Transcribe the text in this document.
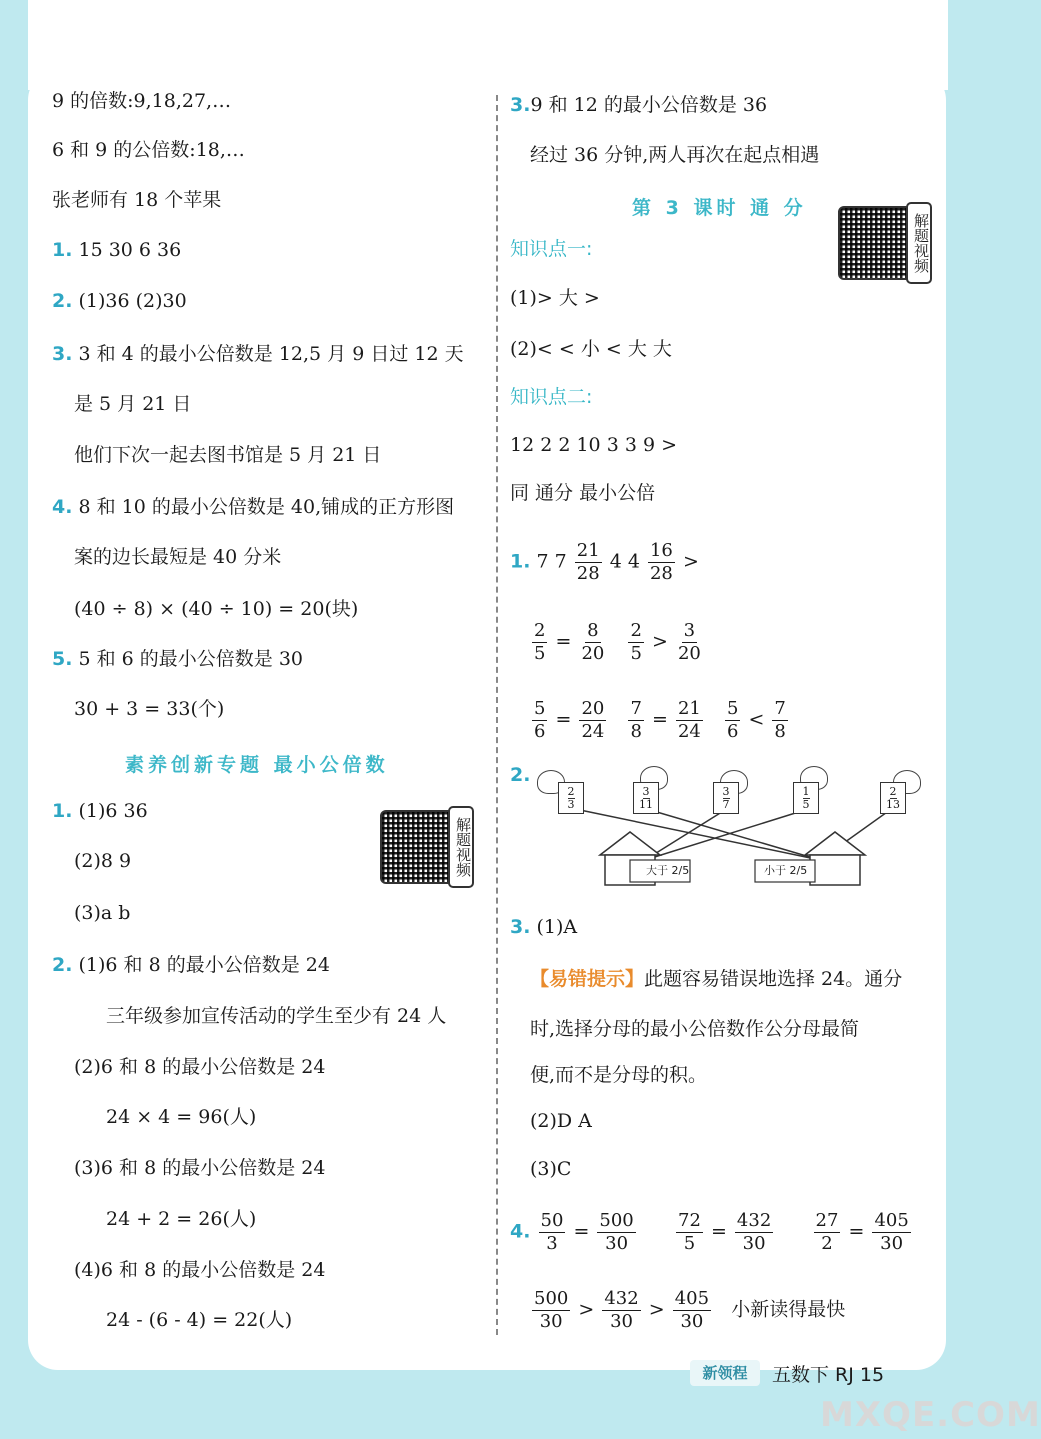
9 的倍数:9,18,27,…
6 和 9 的公倍数:18,…
张老师有 18 个苹果
1. 15 30 6 36
2. (1)36 (2)30
3. 3 和 4 的最小公倍数是 12,5 月 9 日过 12 天
是 5 月 21 日
他们下次一起去图书馆是 5 月 21 日
4. 8 和 10 的最小公倍数是 40,铺成的正方形图
案的边长最短是 40 分米
(40 ÷ 8) × (40 ÷ 10) = 20(块)
5. 5 和 6 的最小公倍数是 30
30 + 3 = 33(个)
素养创新专题 最小公倍数
1. (1)6 36
(2)8 9
(3)a b
解题视频
2. (1)6 和 8 的最小公倍数是 24
三年级参加宣传活动的学生至少有 24 人
(2)6 和 8 的最小公倍数是 24
24 × 4 = 96(人)
(3)6 和 8 的最小公倍数是 24
24 + 2 = 26(人)
(4)6 和 8 的最小公倍数是 24
24 - (6 - 4) = 22(人)
3.9 和 12 的最小公倍数是 36
经过 36 分钟,两人再次在起点相遇
第 3 课时 通 分
解题视频
知识点一:
(1)> 大 >
(2)< < 小 < 大 大
知识点二:
12 2 2 10 3 3 9 >
同 通分 最小公倍
1. 7 $7 \frac{21}{28} 4$ $4 \frac{16}{28}$ >
$\frac{2}{5} = \frac{8}{20}$
$\frac{2}{5} > \frac{3}{20}$
$\frac{5}{6} = \frac{20}{24}$
$\frac{7}{8} = \frac{21}{24}$
$\frac{5}{6} < \frac{7}{8}$
2.
2
3
3
11
3
7
1
5
2
13
大于 2/5	小于 2/5
3. (1)A
【易错提示】此题容易错误地选择 24。通分
时,选择分母的最小公倍数作公分母最简
便,而不是分母的积。
(2)D A
(3)C
4. $\frac{50}{3} = \frac{500}{30}$
$\frac{72}{5} = \frac{432}{30}$
$\frac{27}{2} = \frac{405}{30}$
$\frac{500}{30} > \frac{432}{30} > \frac{405}{30}$ 小新读得最快
新领程	五数下 RJ 15
MXQE.COM
